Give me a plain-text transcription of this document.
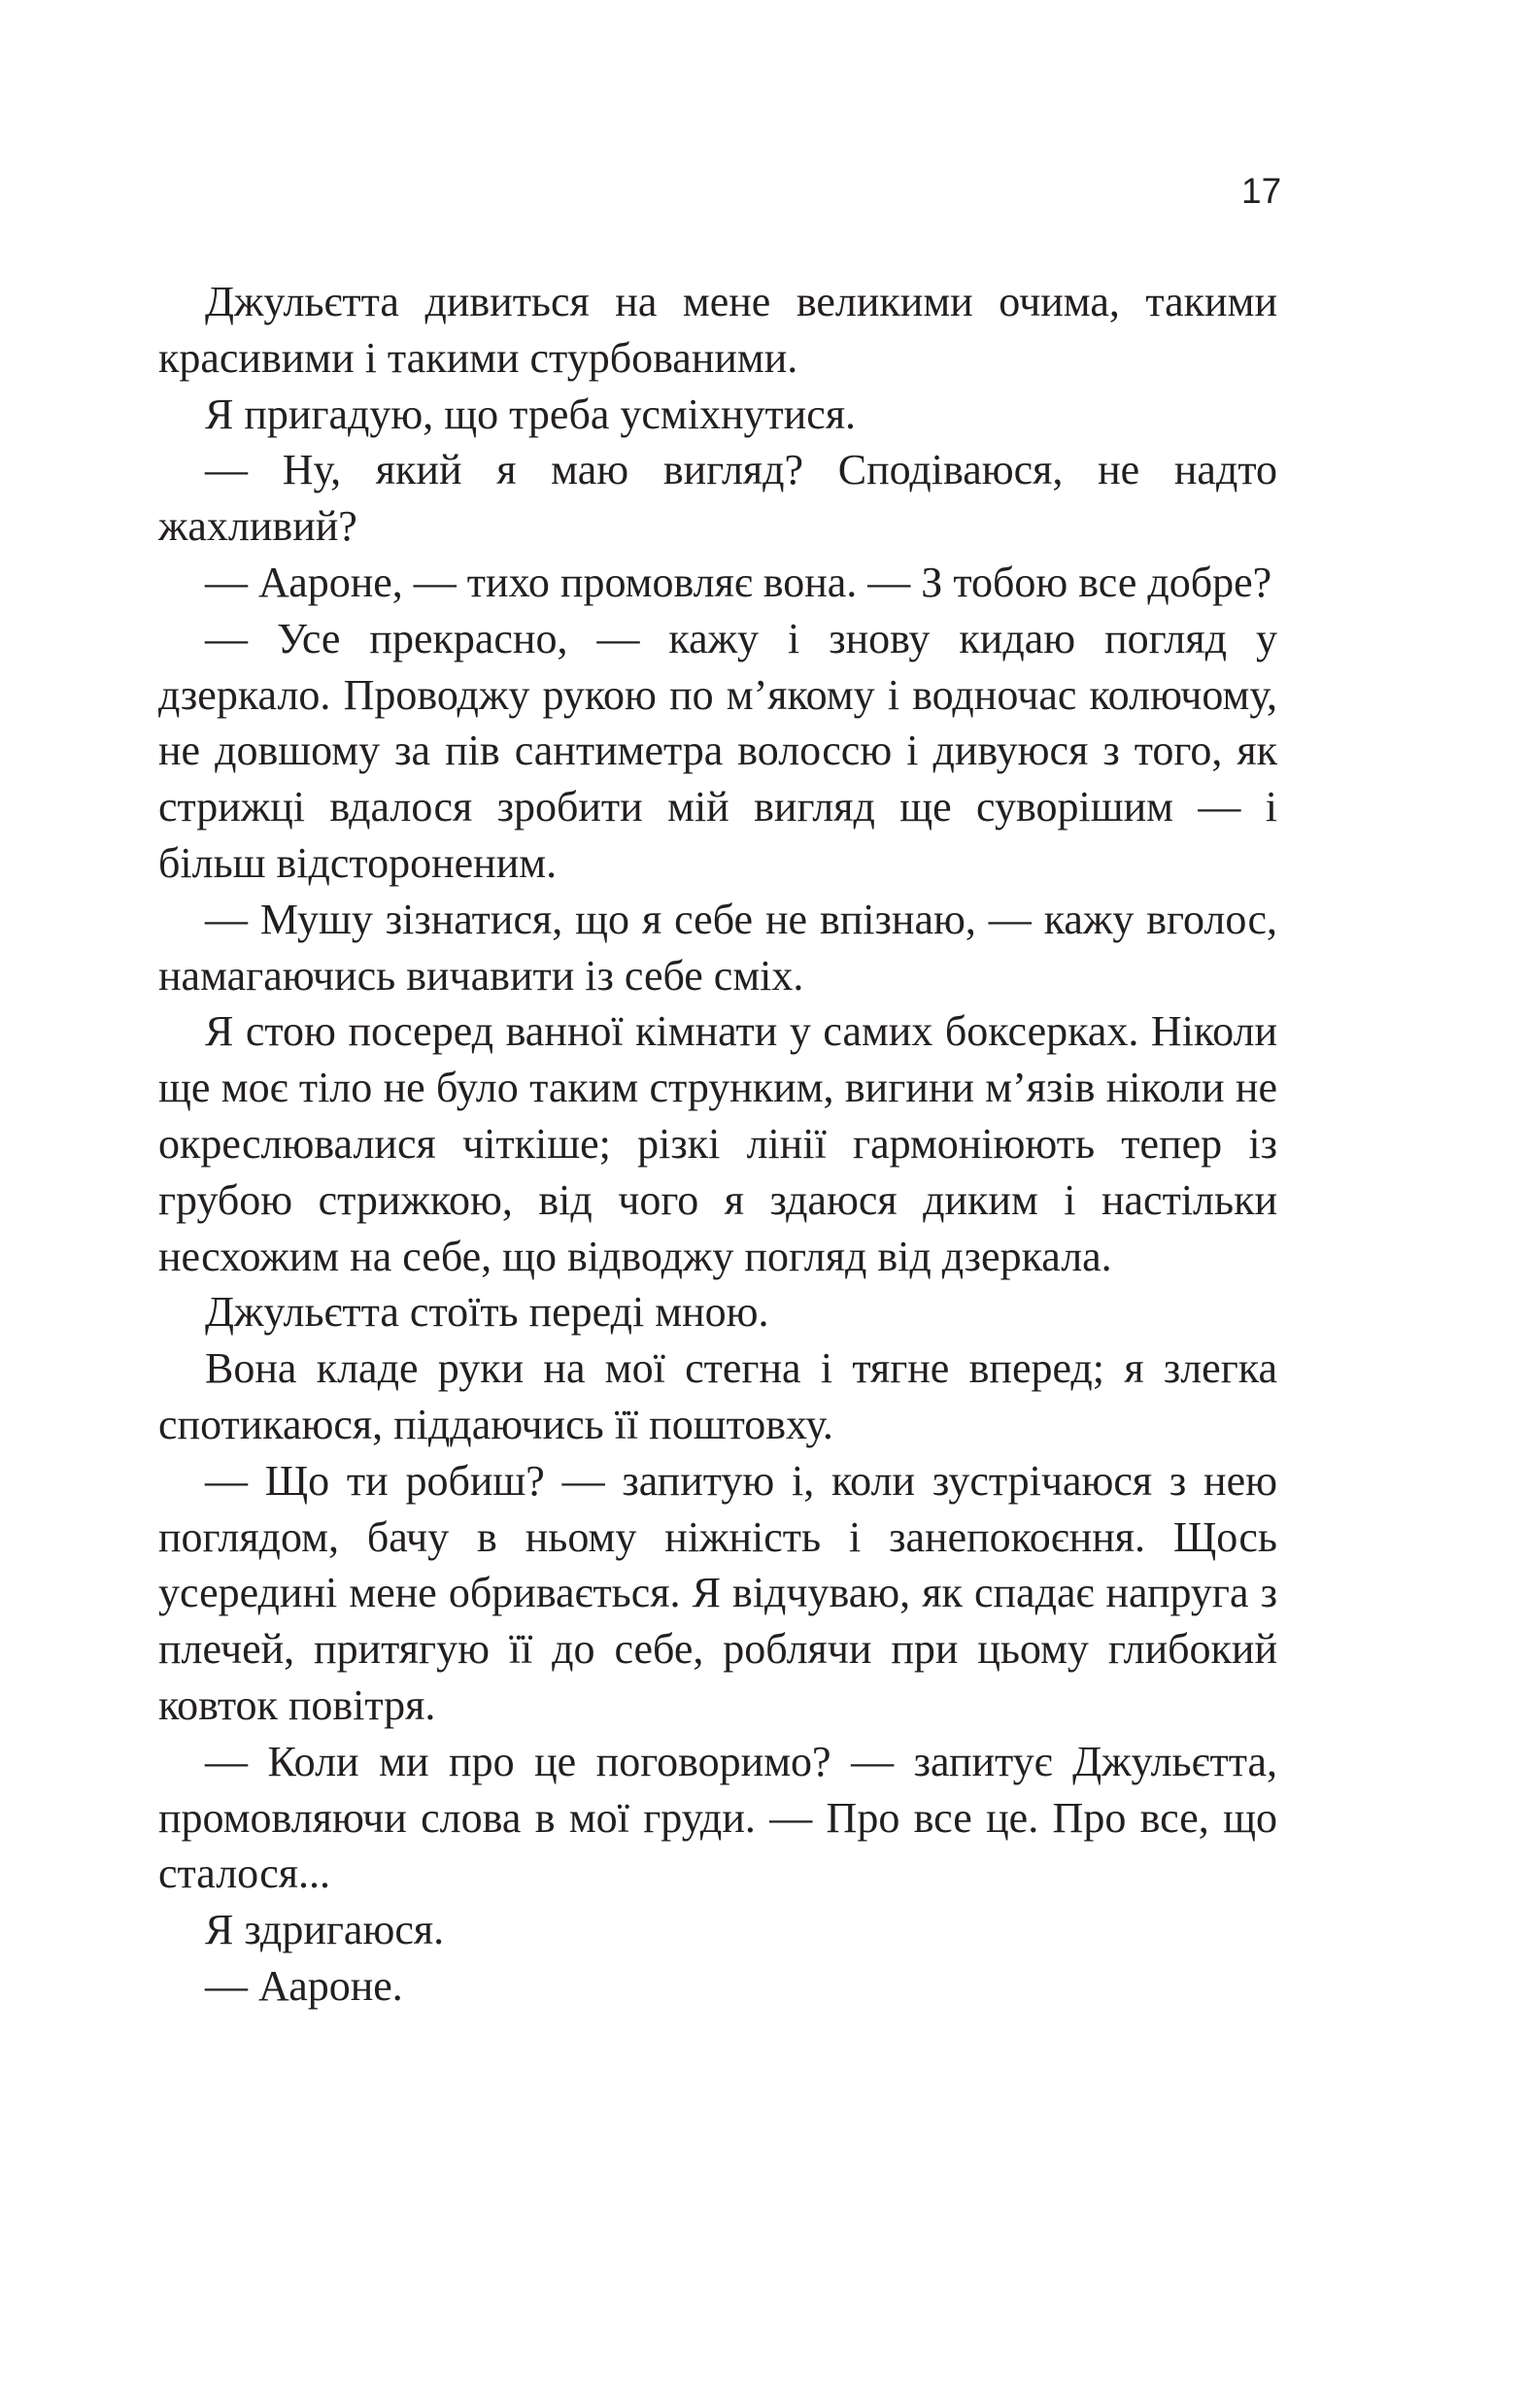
17

Джульєтта дивиться на мене великими очима, такими красивими і такими стурбованими.

Я пригадую, що треба усміхнутися.

— Ну, який я маю вигляд? Сподіваюся, не надто жахливий?

— Аароне, — тихо промовляє вона. — З тобою все добре?

— Усе прекрасно, — кажу і знову кидаю погляд у дзеркало. Проводжу рукою по м’якому і водночас колючому, не довшому за пів сантиметра волоссю і дивуюся з того, як стрижці вдалося зробити мій вигляд ще суворішим — і більш відстороненим.

— Мушу зізнатися, що я себе не впізнаю, — кажу вголос, намагаючись вичавити із себе сміх.

Я стою посеред ванної кімнати у самих боксерках. Ніколи ще моє тіло не було таким струнким, вигини м’язів ніколи не окреслювалися чіткіше; різкі лінії гармоніюють тепер із грубою стрижкою, від чого я здаюся диким і настільки несхожим на себе, що відводжу погляд від дзеркала.

Джульєтта стоїть переді мною.

Вона кладе руки на мої стегна і тягне вперед; я злегка спотикаюся, піддаючись її поштовху.

— Що ти робиш? — запитую і, коли зустрічаюся з нею поглядом, бачу в ньому ніжність і занепокоєння. Щось усередині мене обривається. Я відчуваю, як спадає напруга з плечей, притягую її до себе, роблячи при цьому глибокий ковток повітря.

— Коли ми про це поговоримо? — запитує Джульєтта, промовляючи слова в мої груди. — Про все це. Про все, що сталося...

Я здригаюся.

— Аароне.
